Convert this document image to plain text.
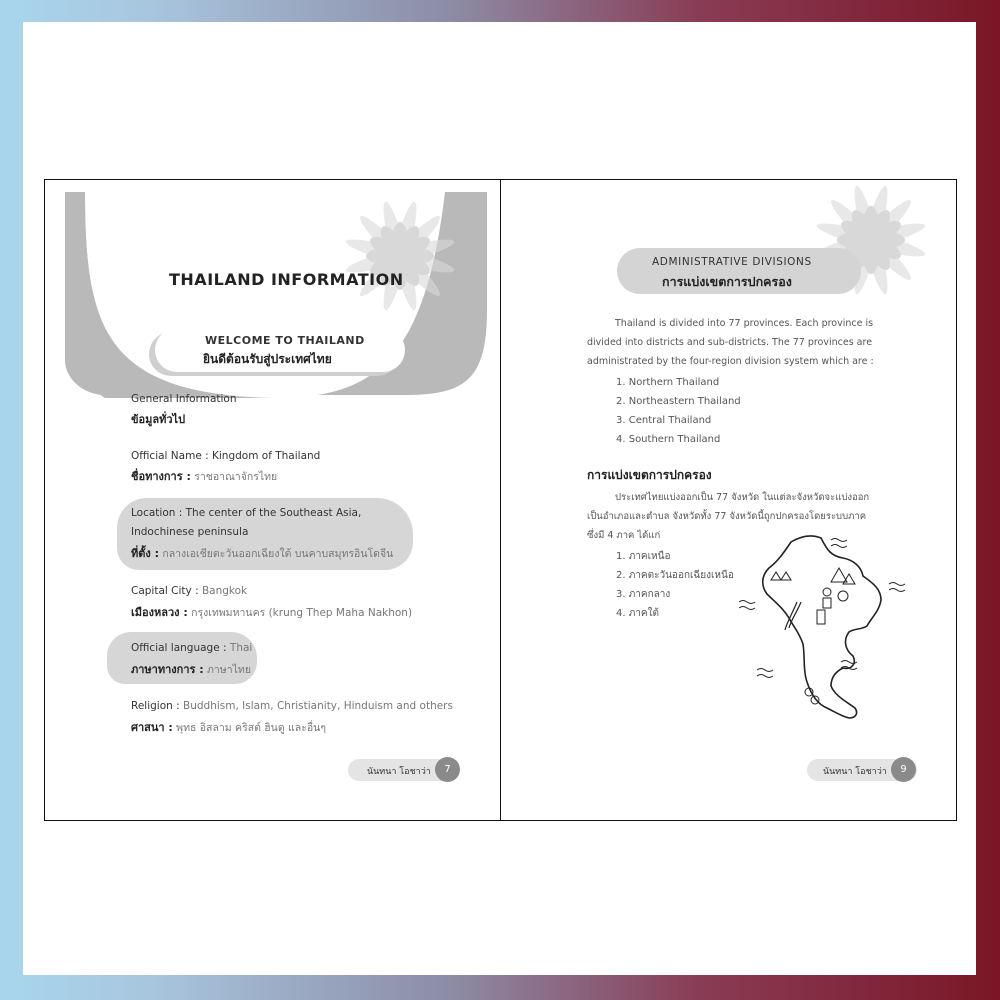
THAILAND INFORMATION
WELCOME TO THAILAND
ยินดีต้อนรับสู่ประเทศไทย
General Information
ข้อมูลทั่วไป
Official Name : Kingdom of Thailand
ชื่อทางการ : ราชอาณาจักรไทย
Location : The center of the Southeast Asia,
Indochinese peninsula
ที่ตั้ง : กลางเอเชียตะวันออกเฉียงใต้ บนคาบสมุทรอินโดจีน
Capital City : Bangkok
เมืองหลวง : กรุงเทพมหานคร (krung Thep Maha Nakhon)
Official language : Thai
ภาษาทางการ : ภาษาไทย
Religion : Buddhism, Islam, Christianity, Hinduism and others
ศาสนา : พุทธ อิสลาม คริสต์ ฮินดู และอื่นๆ
นันทนา โอชาว่า	7
ADMINISTRATIVE DIVISIONS
การแบ่งเขตการปกครอง
Thailand is divided into 77 provinces. Each province is
divided into districts and sub-districts. The 77 provinces are
administrated by the four-region division system which are :
1. Northern Thailand
2. Northeastern Thailand
3. Central Thailand
4. Southern Thailand
การแบ่งเขตการปกครอง
ประเทศไทยแบ่งออกเป็น 77 จังหวัด ในแต่ละจังหวัดจะแบ่งออก
เป็นอำเภอและตำบล จังหวัดทั้ง 77 จังหวัดนี้ถูกปกครองโดยระบบภาค
ซึ่งมี 4 ภาค ได้แก่
1. ภาคเหนือ
2. ภาคตะวันออกเฉียงเหนือ
3. ภาคกลาง
4. ภาคใต้
นันทนา โอชาว่า	9
